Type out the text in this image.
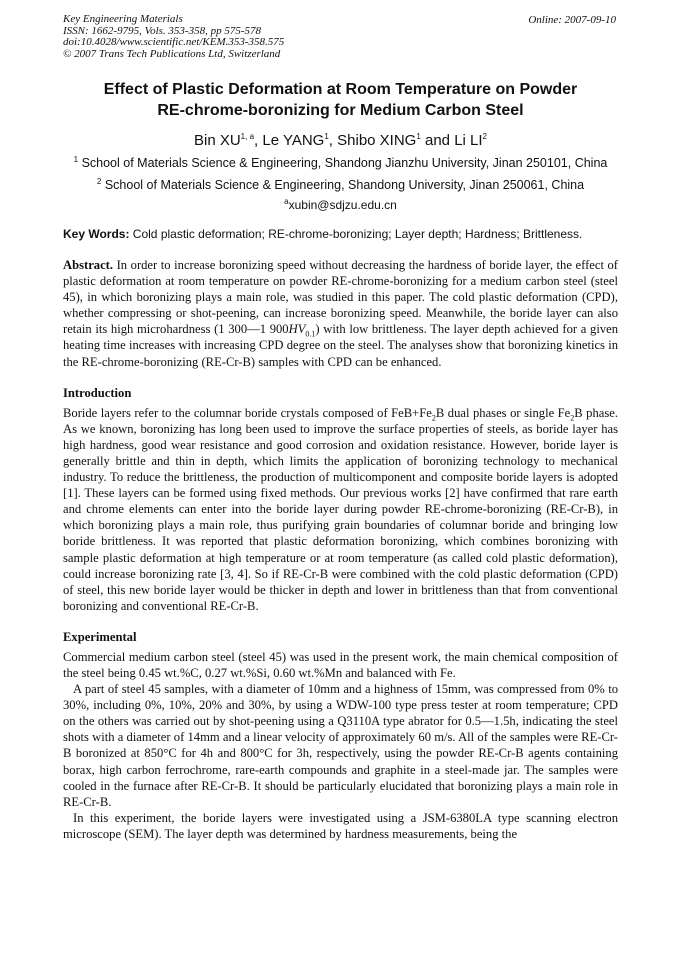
Key Engineering Materials
ISSN: 1662-9795, Vols. 353-358, pp 575-578
doi:10.4028/www.scientific.net/KEM.353-358.575
© 2007 Trans Tech Publications Ltd, Switzerland
Online: 2007-09-10
Effect of Plastic Deformation at Room Temperature on Powder
RE-chrome-boronizing for Medium Carbon Steel
Bin XU$^{1, a}$, Le YANG$^1$, Shibo XING$^1$ and Li $LI^2$
$^1$ School of Materials Science & Engineering, Shandong Jianzhu University, Jinan 250101, China
$^2$ School of Materials Science & Engineering, Shandong University, Jinan 250061, China
$^a$xubin@sdjzu.edu.cn
Key Words: Cold plastic deformation; RE-chrome-boronizing; Layer depth; Hardness; Brittleness.

Abstract. In order to increase boronizing speed without decreasing the hardness of boride layer, the effect of plastic deformation at room temperature on powder RE-chrome-boronizing for a medium carbon steel (steel 45), in which boronizing plays a main role, was studied in this paper. The cold plastic deformation (CPD), whether compressing or shot-peening, can increase boronizing speed. Meanwhile, the boride layer can also retain its high microhardness (1 300―1 $900HV_{0.1}$) with low brittleness. The layer depth achieved for a given heating time increases with increasing CPD degree on the steel. The analyses show that boronizing kinetics in the RE-chrome-boronizing (RE-Cr-B) samples with CPD can be enhanced.

Introduction

Boride layers refer to the columnar boride crystals composed of $FeB+Fe_2B$ dual phases or single $Fe_2B$ phase. As we known, boronizing has long been used to improve the surface properties of steels, as boride layer has high hardness, good wear resistance and good corrosion and oxidation resistance. However, boride layer is generally brittle and thin in depth, which limits the application of boronizing technology to mechanical industry. To reduce the brittleness, the production of multicomponent and composite boride layers is adopted [1]. These layers can be formed using fixed methods. Our previous works [2] have confirmed that rare earth and chrome elements can enter into the boride layer during powder RE-chrome-boronizing (RE-Cr-B), in which boronizing plays a main role, thus purifying grain boundaries of columnar boride and bringing low boride brittleness. It was reported that plastic deformation boronizing, which combines boronizing with sample plastic deformation at high temperature or at room temperature (as called cold plastic deformation), could increase boronizing rate [3, 4]. So if RE-Cr-B were combined with the cold plastic deformation (CPD) of steel, this new boride layer would be thicker in depth and lower in brittleness than that from conventional boronizing and conventional RE-Cr-B.

Experimental

Commercial medium carbon steel (steel 45) was used in the present work, the main chemical composition of the steel being 0.45 wt.%C, 0.27 wt.%Si, 0.60 wt.%Mn and balanced with Fe.

A part of steel 45 samples, with a diameter of 10mm and a highness of 15mm, was compressed from 0% to 30%, including 0%, 10%, 20% and 30%, by using a WDW-100 type press tester at room temperature; CPD on the others was carried out by shot-peening using a Q3110A type abrator for 0.5―1.5h, indicating the steel shots with a diameter of 14mm and a linear velocity of approximately 60 m/s. All of the samples were RE-Cr-B boronized at 850°C for 4h and 800°C for 3h, respectively, using the powder RE-Cr-B agents containing borax, high carbon ferrochrome, rare-earth compounds and graphite in a steel-made jar. The samples were cooled in the furnace after RE-Cr-B. It should be particularly elucidated that boronizing plays a main role in RE-Cr-B.

In this experiment, the boride layers were investigated using a JSM-6380LA type scanning electron microscope (SEM). The layer depth was determined by hardness measurements, being the
